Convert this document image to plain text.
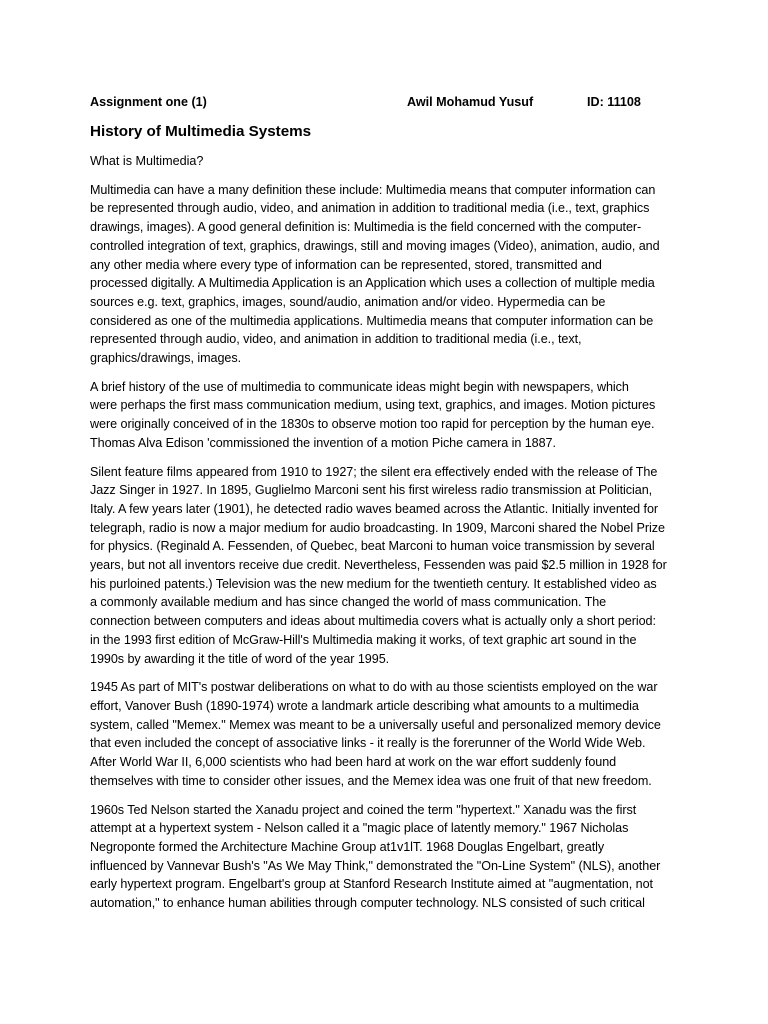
Assignment one (1)	Awil Mohamud Yusuf	ID: 11108
History of Multimedia Systems

What is Multimedia?

Multimedia can have a many definition these include: Multimedia means that computer information can
be represented through audio, video, and animation in addition to traditional media (i.e., text, graphics
drawings, images). A good general definition is: Multimedia is the field concerned with the computer-
controlled integration of text, graphics, drawings, still and moving images (Video), animation, audio, and
any other media where every type of information can be represented, stored, transmitted and
processed digitally. A Multimedia Application is an Application which uses a collection of multiple media
sources e.g. text, graphics, images, sound/audio, animation and/or video. Hypermedia can be
considered as one of the multimedia applications. Multimedia means that computer information can be
represented through audio, video, and animation in addition to traditional media (i.e., text,
graphics/drawings, images.

A brief history of the use of multimedia to communicate ideas might begin with newspapers, which
were perhaps the first mass communication medium, using text, graphics, and images. Motion pictures
were originally conceived of in the 1830s to observe motion too rapid for perception by the human eye.
Thomas Alva Edison 'commissioned the invention of a motion Piche camera in 1887.

Silent feature films appeared from 1910 to 1927; the silent era effectively ended with the release of The
Jazz Singer in 1927. In 1895, Guglielmo Marconi sent his first wireless radio transmission at Politician,
Italy. A few years later (1901), he detected radio waves beamed across the Atlantic. Initially invented for
telegraph, radio is now a major medium for audio broadcasting. In 1909, Marconi shared the Nobel Prize
for physics. (Reginald A. Fessenden, of Quebec, beat Marconi to human voice transmission by several
years, but not all inventors receive due credit. Nevertheless, Fessenden was paid $2.5 million in 1928 for
his purloined patents.) Television was the new medium for the twentieth century. It established video as
a commonly available medium and has since changed the world of mass communication. The
connection between computers and ideas about multimedia covers what is actually only a short period:
in the 1993 first edition of McGraw-Hill's Multimedia making it works, of text graphic art sound in the
1990s by awarding it the title of word of the year 1995.

1945 As part of MIT's postwar deliberations on what to do with au those scientists employed on the war
effort, Vanover Bush (1890-1974) wrote a landmark article describing what amounts to a multimedia
system, called "Memex." Memex was meant to be a universally useful and personalized memory device
that even included the concept of associative links - it really is the forerunner of the World Wide Web.
After World War II, 6,000 scientists who had been hard at work on the war effort suddenly found
themselves with time to consider other issues, and the Memex idea was one fruit of that new freedom.

1960s Ted Nelson started the Xanadu project and coined the term "hypertext." Xanadu was the first
attempt at a hypertext system - Nelson called it a "magic place of latently memory." 1967 Nicholas
Negroponte formed the Architecture Machine Group at1v1lT. 1968 Douglas Engelbart, greatly
influenced by Vannevar Bush's "As We May Think," demonstrated the "On-Line System" (NLS), another
early hypertext program. Engelbart's group at Stanford Research Institute aimed at "augmentation, not
automation," to enhance human abilities through computer technology. NLS consisted of such critical
